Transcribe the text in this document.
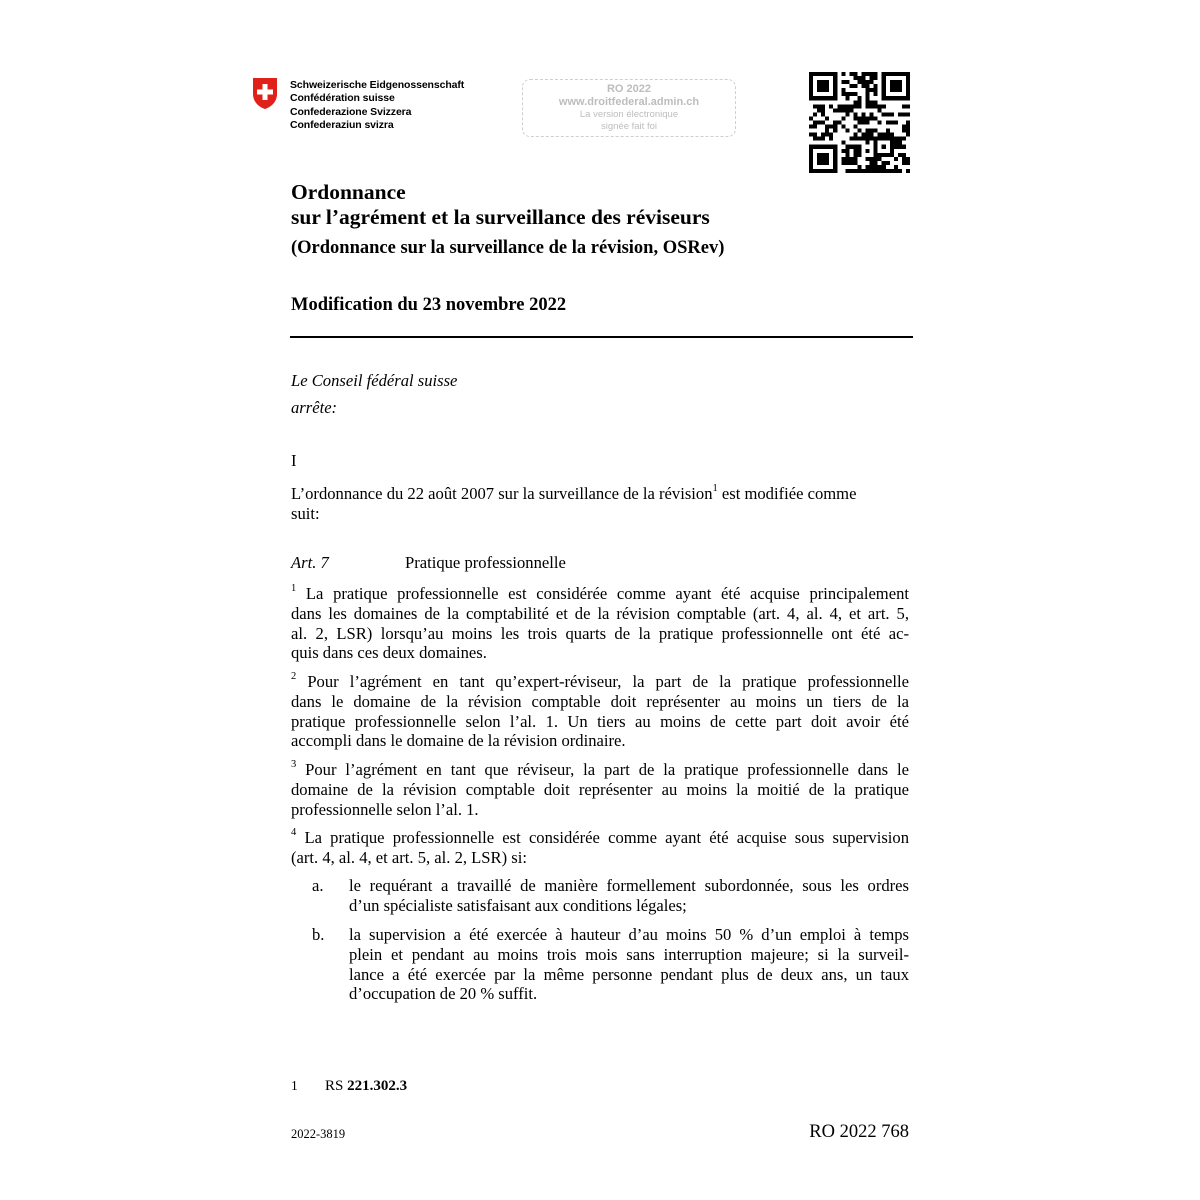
Schweizerische Eidgenossenschaft
Confédération suisse
Confederazione Svizzera
Confederaziun svizra
RO 2022
www.droitfederal.admin.ch
La version électronique
signée fait foi
Ordonnance
sur l’agrément et la surveillance des réviseurs
(Ordonnance sur la surveillance de la révision, OSRev)
Modification du 23 novembre 2022
Le Conseil fédéral suisse
arrête:
I
L’ordonnance du 22 août 2007 sur la surveillance de la révision$^1$ est modifiée comme
suit:
Art. 7	Pratique professionnelle
$^1$ La pratique professionnelle est considérée comme ayant été acquise principalement
dans les domaines de la comptabilité et de la révision comptable (art. 4, al. 4, et art. 5,
al. 2, LSR) lorsqu’au moins les trois quarts de la pratique professionnelle ont été ac-
quis dans ces deux domaines.
$^2$ Pour l’agrément en tant qu’expert-réviseur, la part de la pratique professionnelle
dans le domaine de la révision comptable doit représenter au moins un tiers de la
pratique professionnelle selon l’al. 1. Un tiers au moins de cette part doit avoir été
accompli dans le domaine de la révision ordinaire.
$^3$ Pour l’agrément en tant que réviseur, la part de la pratique professionnelle dans le
domaine de la révision comptable doit représenter au moins la moitié de la pratique
professionnelle selon l’al. 1.
$^4$ La pratique professionnelle est considérée comme ayant été acquise sous supervision
(art. 4, al. 4, et art. 5, al. 2, LSR) si:
a. le requérant a travaillé de manière formellement subordonnée, sous les ordres
d’un spécialiste satisfaisant aux conditions légales;
b. la supervision a été exercée à hauteur d’au moins 50 % d’un emploi à temps
plein et pendant au moins trois mois sans interruption majeure; si la surveil-
lance a été exercée par la même personne pendant plus de deux ans, un taux
d’occupation de 20 % suffit.
1 RS 221.302.3
2022-3819	RO 2022 768
